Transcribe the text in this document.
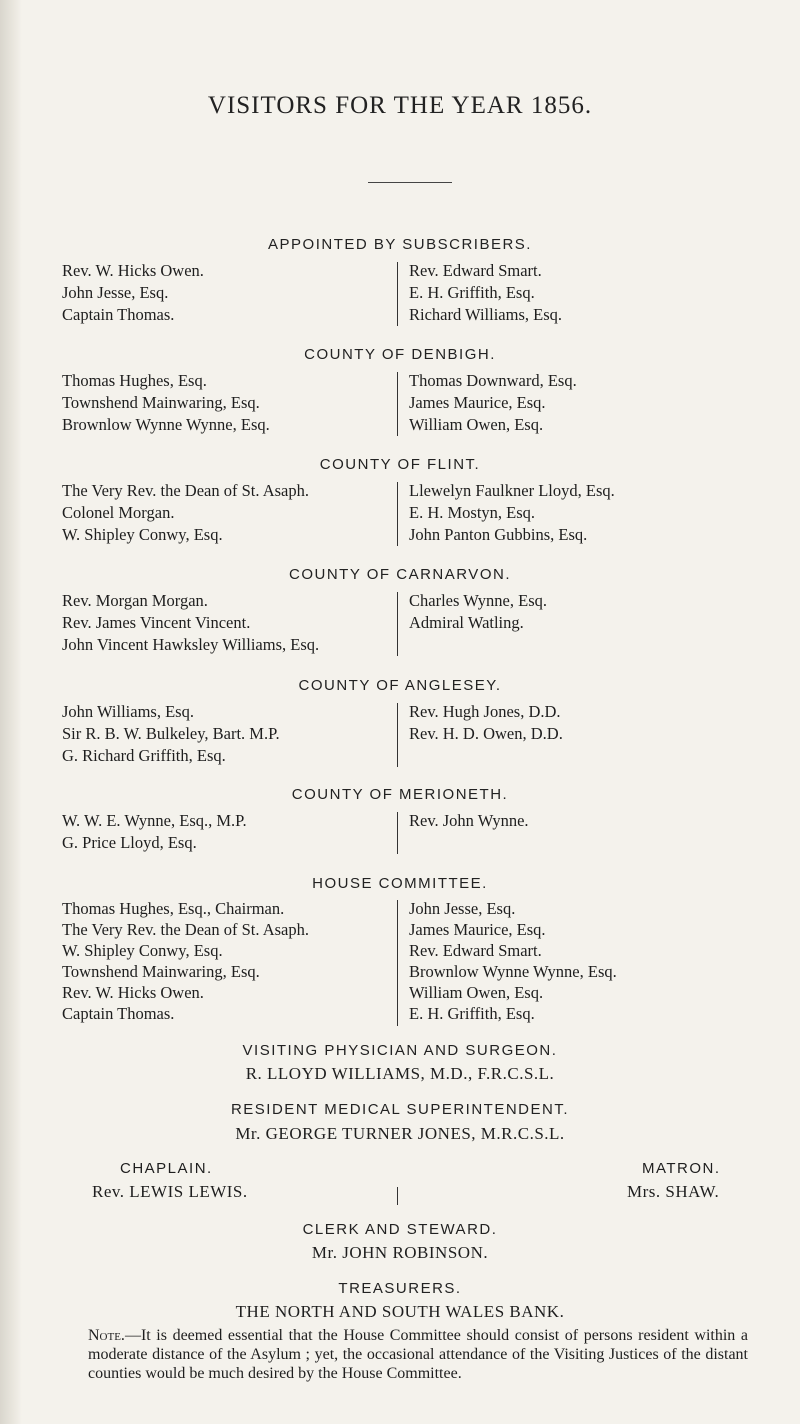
VISITORS FOR THE YEAR 1856.
APPOINTED BY SUBSCRIBERS.
Rev. W. Hicks Owen.
John Jesse, Esq.
Captain Thomas.
Rev. Edward Smart.
E. H. Griffith, Esq.
Richard Williams, Esq.
COUNTY OF DENBIGH.
Thomas Hughes, Esq.
Townshend Mainwaring, Esq.
Brownlow Wynne Wynne, Esq.
Thomas Downward, Esq.
James Maurice, Esq.
William Owen, Esq.
COUNTY OF FLINT.
The Very Rev. the Dean of St. Asaph.
Colonel Morgan.
W. Shipley Conwy, Esq.
Llewelyn Faulkner Lloyd, Esq.
E. H. Mostyn, Esq.
John Panton Gubbins, Esq.
COUNTY OF CARNARVON.
Rev. Morgan Morgan.
Rev. James Vincent Vincent.
John Vincent Hawksley Williams, Esq.
Charles Wynne, Esq.
Admiral Watling.
COUNTY OF ANGLESEY.
John Williams, Esq.
Sir R. B. W. Bulkeley, Bart. M.P.
G. Richard Griffith, Esq.
Rev. Hugh Jones, D.D.
Rev. H. D. Owen, D.D.
COUNTY OF MERIONETH.
W. W. E. Wynne, Esq., M.P.
G. Price Lloyd, Esq.
Rev. John Wynne.
HOUSE COMMITTEE.
Thomas Hughes, Esq., Chairman.
The Very Rev. the Dean of St. Asaph.
W. Shipley Conwy, Esq.
Townshend Mainwaring, Esq.
Rev. W. Hicks Owen.
Captain Thomas.
John Jesse, Esq.
James Maurice, Esq.
Rev. Edward Smart.
Brownlow Wynne Wynne, Esq.
William Owen, Esq.
E. H. Griffith, Esq.
VISITING PHYSICIAN AND SURGEON.
R. LLOYD WILLIAMS, M.D., F.R.C.S.L.
RESIDENT MEDICAL SUPERINTENDENT.
Mr. GEORGE TURNER JONES, M.R.C.S.L.
CHAPLAIN.
Rev. LEWIS LEWIS.
MATRON.
Mrs. SHAW.
CLERK AND STEWARD.
Mr. JOHN ROBINSON.
TREASURERS.
THE NORTH AND SOUTH WALES BANK.
Note.—It is deemed essential that the House Committee should consist of persons resident within a moderate distance of the Asylum ; yet, the occasional attendance of the Visiting Justices of the distant counties would be much desired by the House Committee.
